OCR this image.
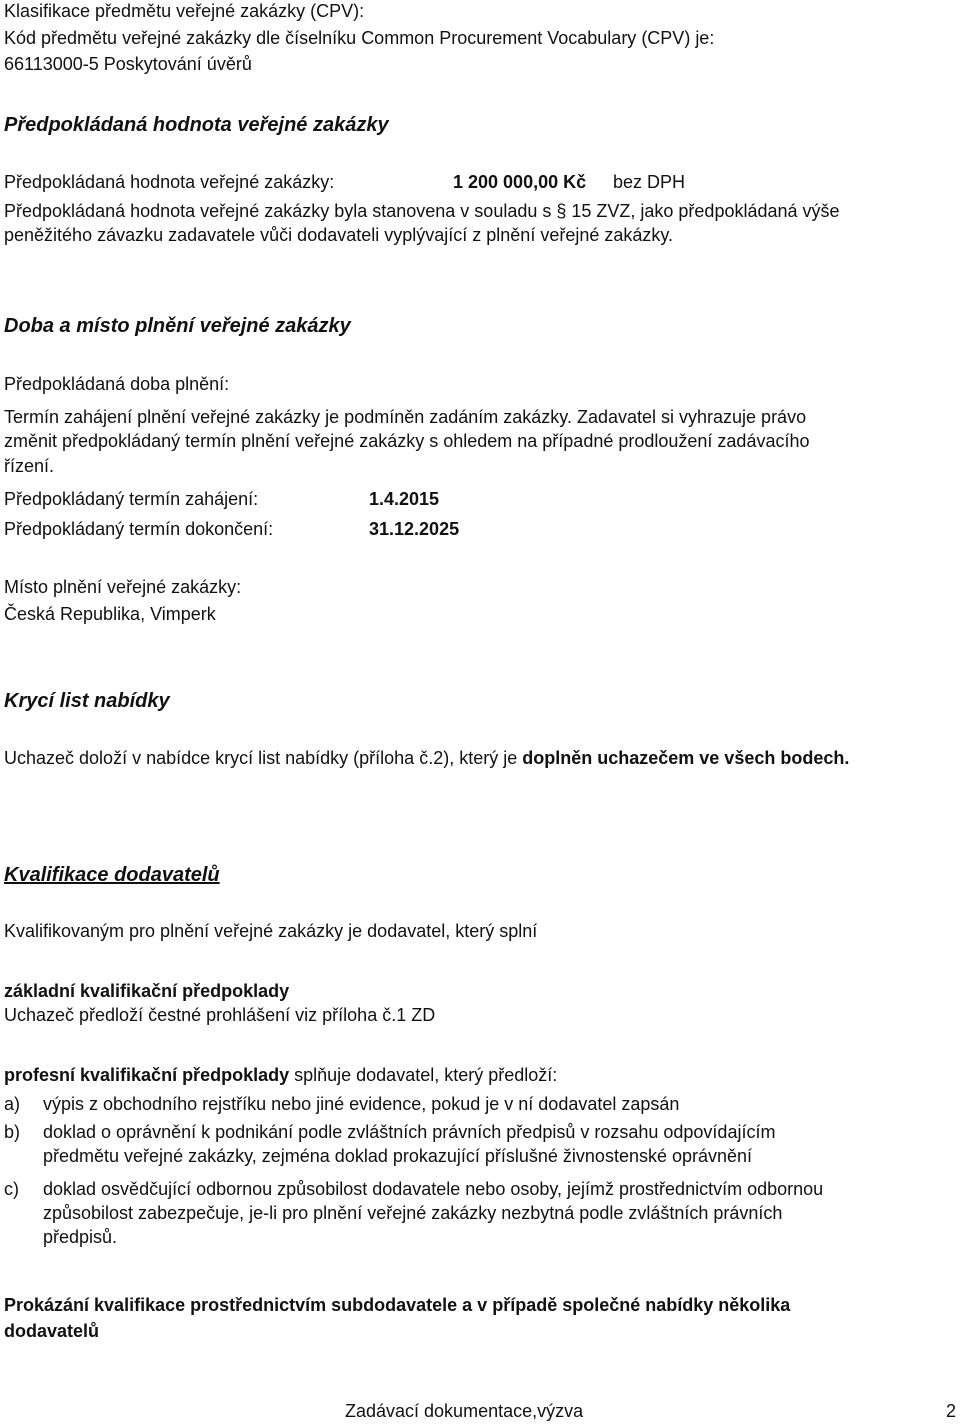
Klasifikace předmětu veřejné zakázky (CPV):

Kód předmětu veřejné zakázky dle číselníku Common Procurement Vocabulary (CPV) je:

66113000-5 Poskytování úvěrů

Předpokládaná hodnota veřejné zakázky

Předpokládaná hodnota veřejné zakázky:	1 200 000,00 Kč bez DPH

Předpokládaná hodnota veřejné zakázky byla stanovena v souladu s § 15 ZVZ, jako předpokládaná výše

peněžitého závazku zadavatele vůči dodavateli vyplývající z plnění veřejné zakázky.

Doba a místo plnění veřejné zakázky

Předpokládaná doba plnění:

Termín zahájení plnění veřejné zakázky je podmíněn zadáním zakázky. Zadavatel si vyhrazuje právo

změnit předpokládaný termín plnění veřejné zakázky s ohledem na případné prodloužení zadávacího

řízení.

Předpokládaný termín zahájení:	1.4.2015

Předpokládaný termín dokončení:	31.12.2025

Místo plnění veřejné zakázky:

Česká Republika, Vimperk

Krycí list nabídky

Uchazeč doloží v nabídce krycí list nabídky (příloha č.2), který je doplněn uchazečem ve všech bodech.

Kvalifikace dodavatelů

Kvalifikovaným pro plnění veřejné zakázky je dodavatel, který splní

základní kvalifikační předpoklady

Uchazeč předloží čestné prohlášení viz příloha č.1 ZD

profesní kvalifikační předpoklady splňuje dodavatel, který předloží:

a)	výpis z obchodního rejstříku nebo jiné evidence, pokud je v ní dodavatel zapsán
b)	doklad o oprávnění k podnikání podle zvláštních právních předpisů v rozsahu odpovídajícím
předmětu veřejné zakázky, zejména doklad prokazující příslušné živnostenské oprávnění
c)	doklad osvědčující odbornou způsobilost dodavatele nebo osoby, jejímž prostřednictvím odbornou
způsobilost zabezpečuje, je-li pro plnění veřejné zakázky nezbytná podle zvláštních právních
předpisů.

Prokázání kvalifikace prostřednictvím subdodavatele a v případě společné nabídky několika

dodavatelů

Zadávací dokumentace,výzva	2
